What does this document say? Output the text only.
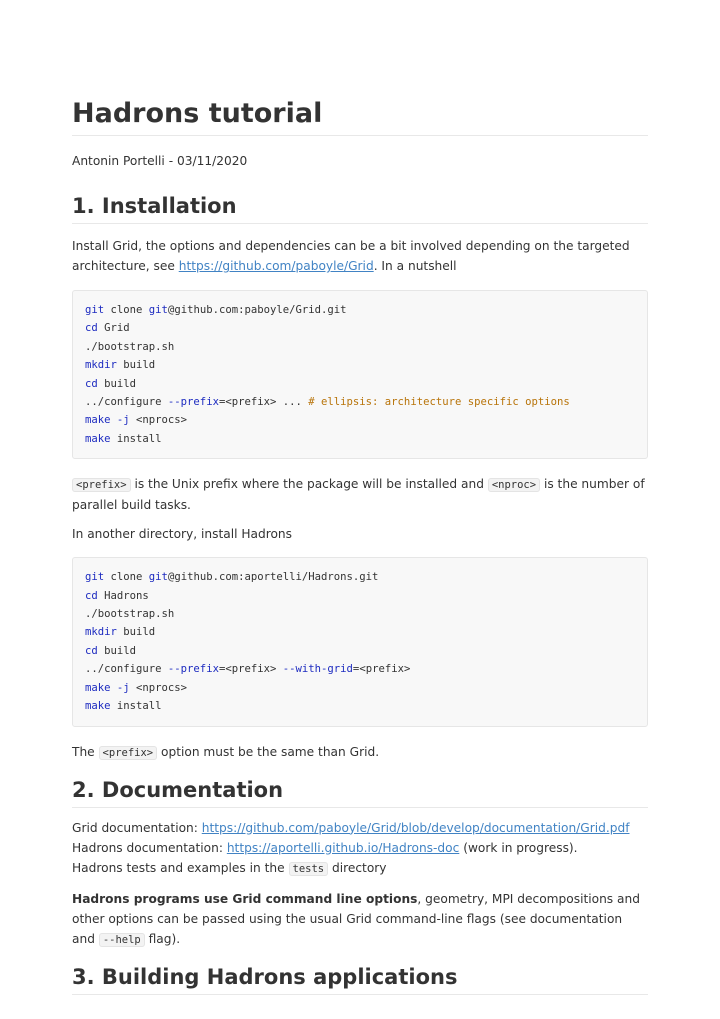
Hadrons tutorial

Antonin Portelli - 03/11/2020

1. Installation

Install Grid, the options and dependencies can be a bit involved depending on the targeted architecture, see https://github.com/paboyle/Grid. In a nutshell

git clone git@github.com:paboyle/Grid.git
cd Grid
./bootstrap.sh
mkdir build
cd build
../configure --prefix=<prefix> ... # ellipsis: architecture specific options
make -j <nprocs>
make install

<prefix> is the Unix prefix where the package will be installed and <nproc> is the number of parallel build tasks.

In another directory, install Hadrons

git clone git@github.com:aportelli/Hadrons.git
cd Hadrons
./bootstrap.sh
mkdir build
cd build
../configure --prefix=<prefix> --with-grid=<prefix>
make -j <nprocs>
make install

The <prefix> option must be the same than Grid.

2. Documentation

Grid documentation: https://github.com/paboyle/Grid/blob/develop/documentation/Grid.pdf
Hadrons documentation: https://aportelli.github.io/Hadrons-doc (work in progress).
Hadrons tests and examples in the tests directory

Hadrons programs use Grid command line options, geometry, MPI decompositions and other options can be passed using the usual Grid command-line flags (see documentation and --help flag).

3. Building Hadrons applications
